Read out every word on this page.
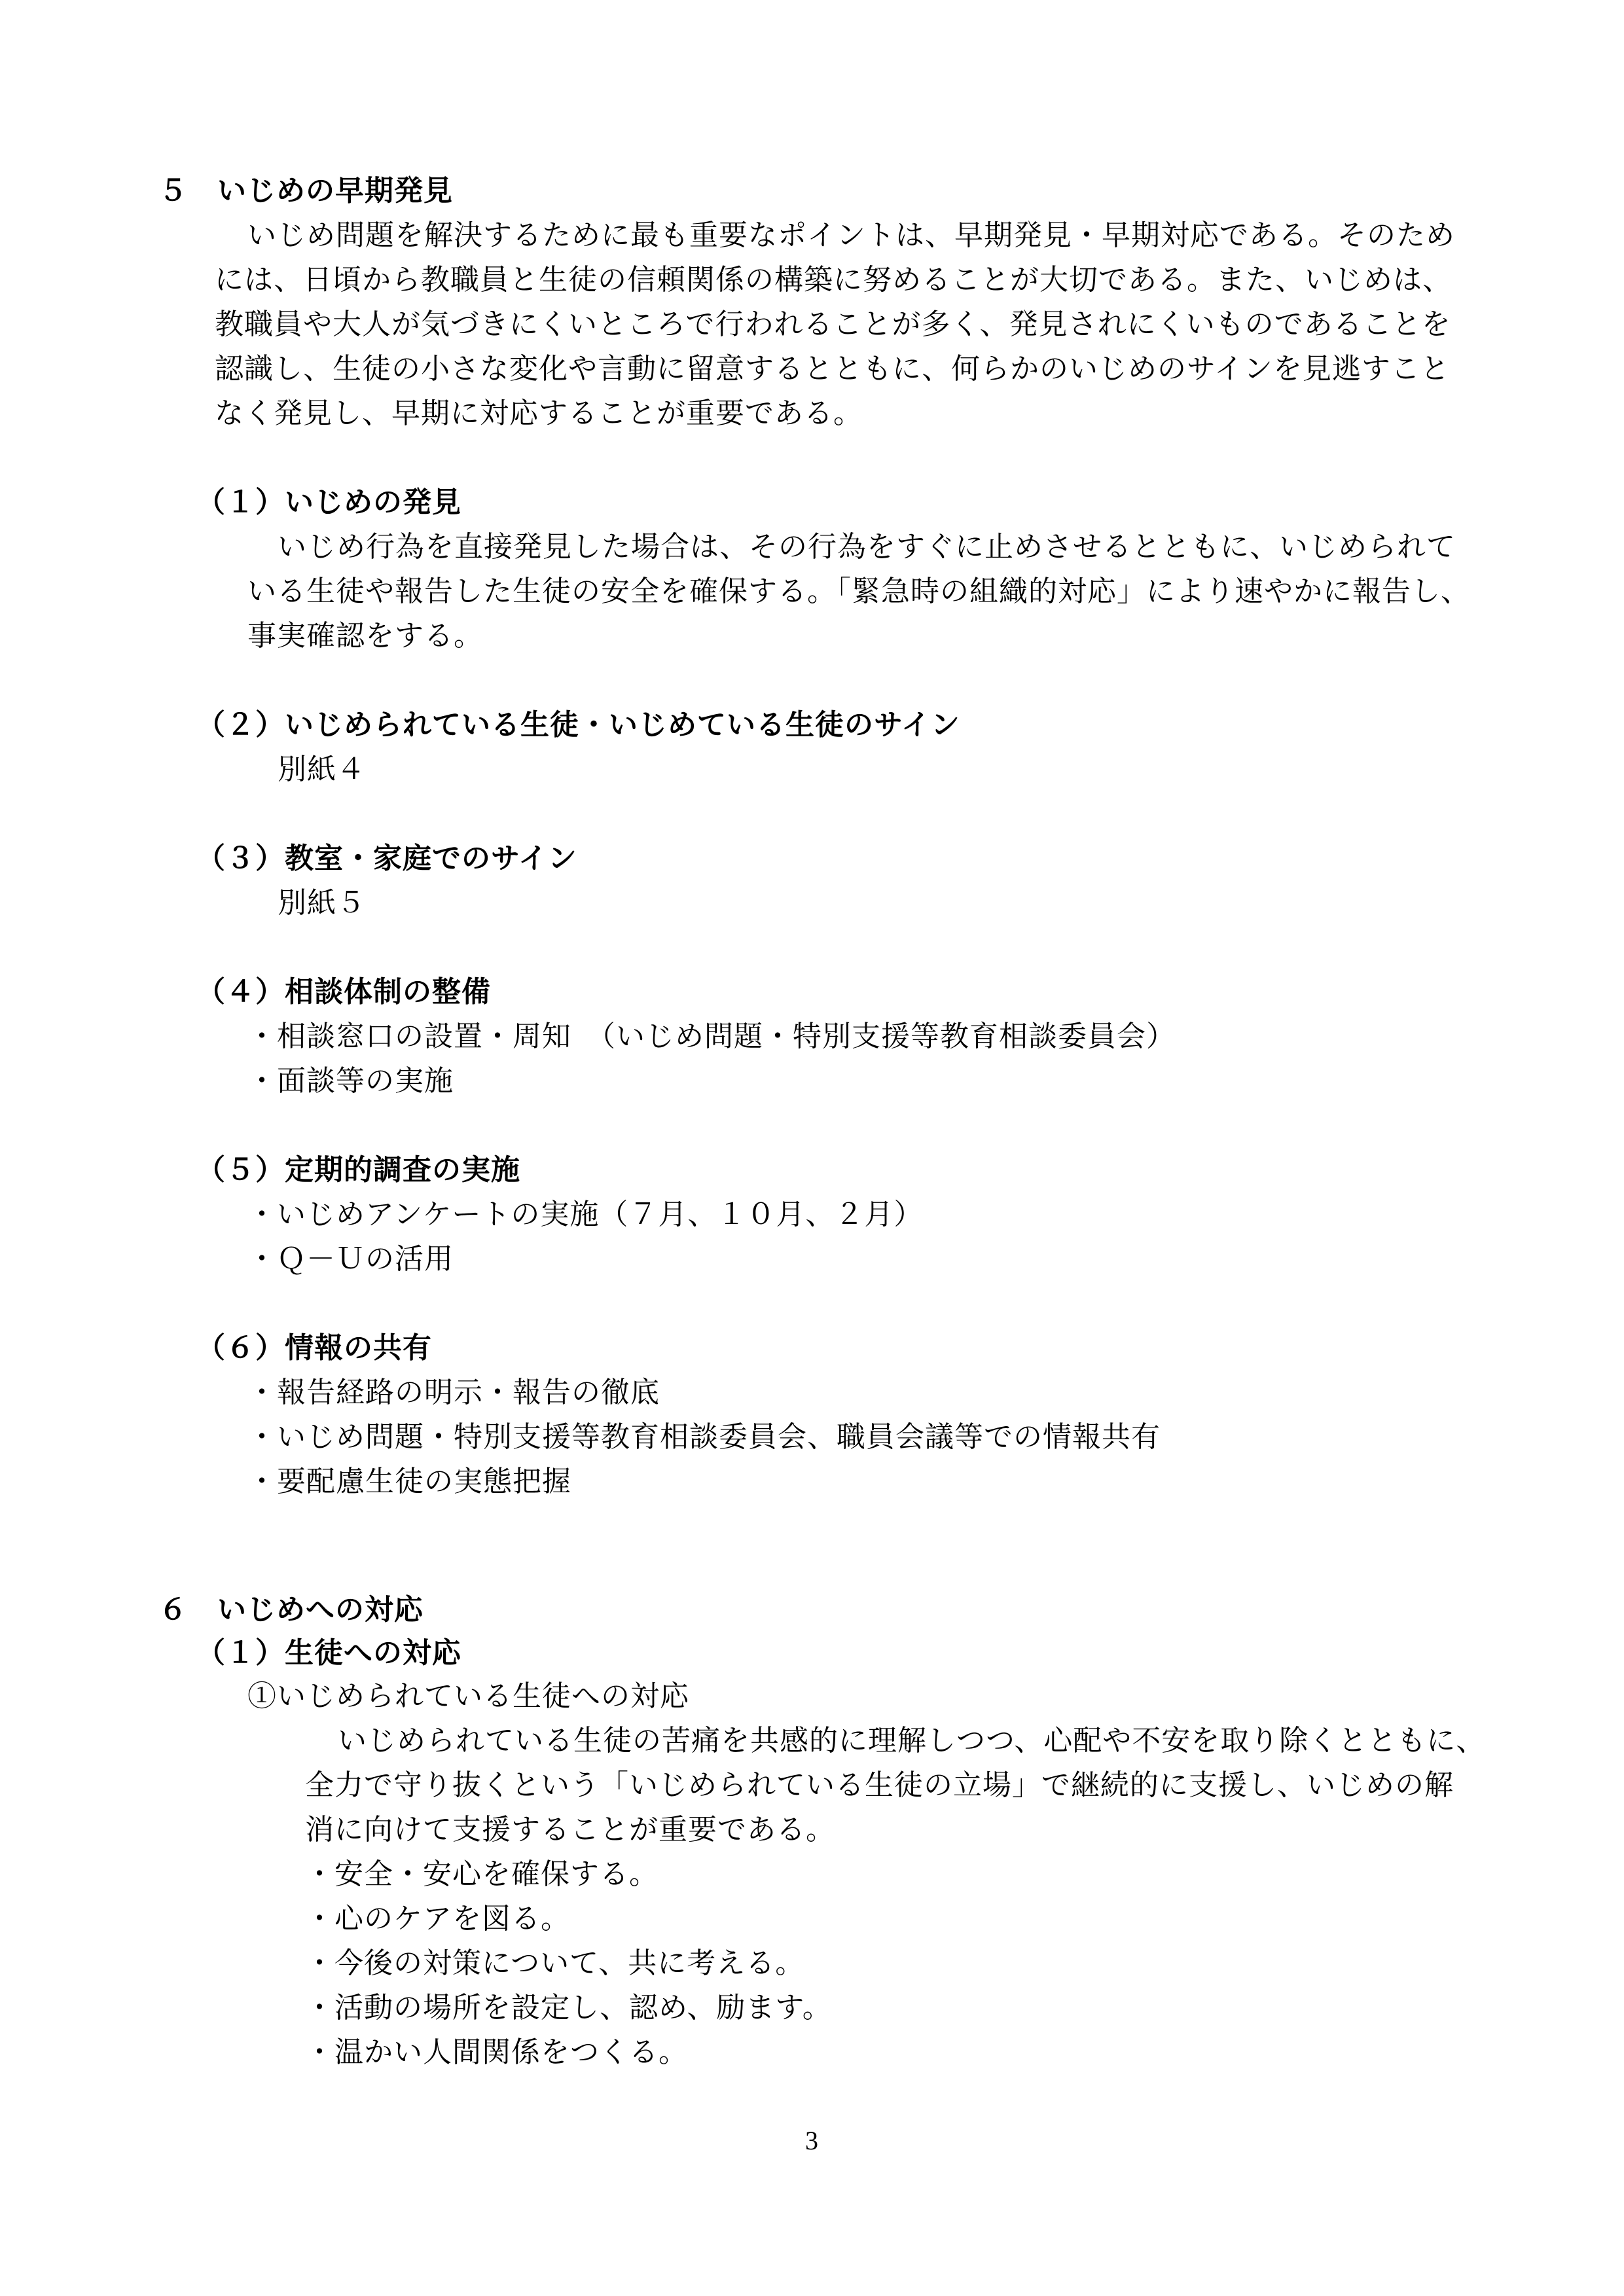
５　いじめの早期発見
いじめ問題を解決するために最も重要なポイントは、早期発見・早期対応である。そのため
には、日頃から教職員と生徒の信頼関係の構築に努めることが大切である。また、いじめは、
教職員や大人が気づきにくいところで行われることが多く、発見されにくいものであることを
認識し、生徒の小さな変化や言動に留意するとともに、何らかのいじめのサインを見逃すこと
なく発見し、早期に対応することが重要である。
（１）いじめの発見
いじめ行為を直接発見した場合は、その行為をすぐに止めさせるとともに、いじめられて
いる生徒や報告した生徒の安全を確保する。「緊急時の組織的対応」により速やかに報告し、
事実確認をする。
（２）いじめられている生徒・いじめている生徒のサイン
別紙４
（３）教室・家庭でのサイン
別紙５
（４）相談体制の整備
・相談窓口の設置・周知　（いじめ問題・特別支援等教育相談委員会）
・面談等の実施
（５）定期的調査の実施
・いじめアンケートの実施（７月、１０月、２月）
・Ｑ－Ｕの活用
（６）情報の共有
・報告経路の明示・報告の徹底
・いじめ問題・特別支援等教育相談委員会、職員会議等での情報共有
・要配慮生徒の実態把握
６　いじめへの対応
（１）生徒への対応
①いじめられている生徒への対応
いじめられている生徒の苦痛を共感的に理解しつつ、心配や不安を取り除くとともに、
全力で守り抜くという「いじめられている生徒の立場」で継続的に支援し、いじめの解
消に向けて支援することが重要である。
・安全・安心を確保する。
・心のケアを図る。
・今後の対策について、共に考える。
・活動の場所を設定し、認め、励ます。
・温かい人間関係をつくる。
3
